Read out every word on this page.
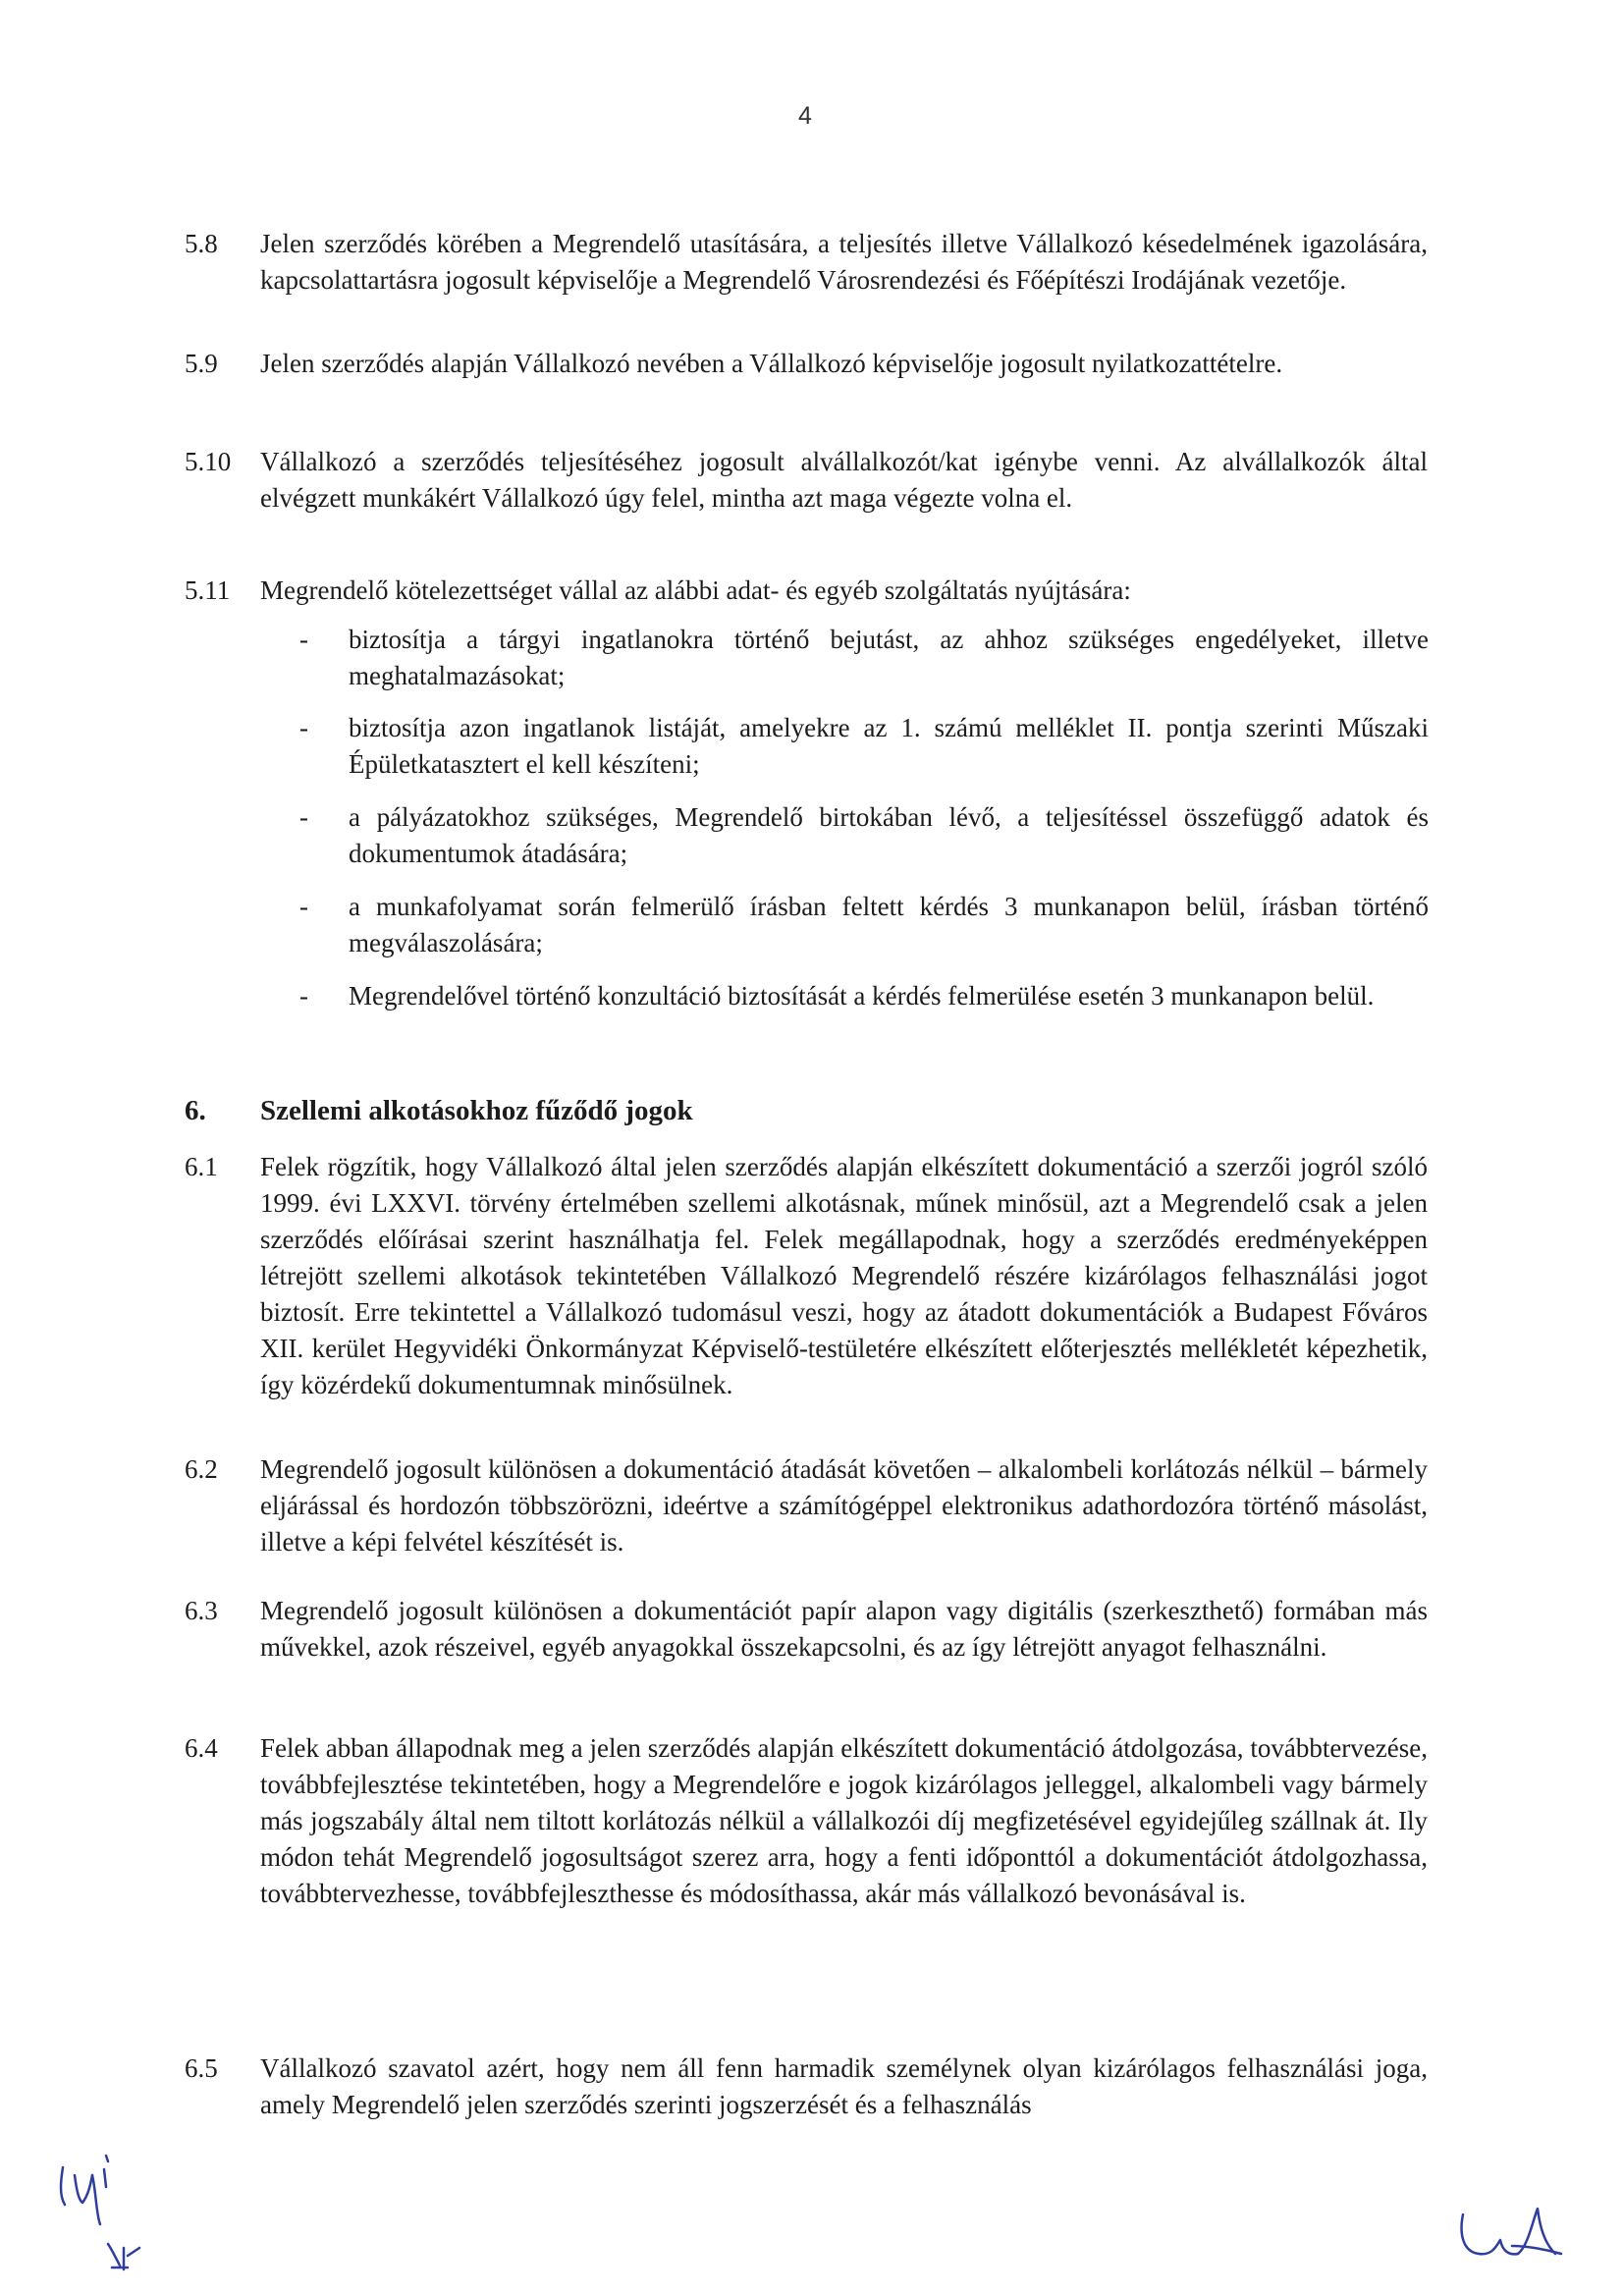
4
5.8 Jelen szerződés körében a Megrendelő utasítására, a teljesítés illetve Vállalkozó késedelmének igazolására, kapcsolattartásra jogosult képviselője a Megrendelő Városrendezési és Főépítészi Irodájának vezetője.
5.9 Jelen szerződés alapján Vállalkozó nevében a Vállalkozó képviselője jogosult nyilatkozattételre.
5.10 Vállalkozó a szerződés teljesítéséhez jogosult alvállalkozót/kat igénybe venni. Az alvállalkozók által elvégzett munkákért Vállalkozó úgy felel, mintha azt maga végezte volna el.
5.11 Megrendelő kötelezettséget vállal az alábbi adat- és egyéb szolgáltatás nyújtására:
- biztosítja a tárgyi ingatlanokra történő bejutást, az ahhoz szükséges engedélyeket, illetve meghatalmazásokat;
- biztosítja azon ingatlanok listáját, amelyekre az 1. számú melléklet II. pontja szerinti Műszaki Épületkatasztert el kell készíteni;
- a pályázatokhoz szükséges, Megrendelő birtokában lévő, a teljesítéssel összefüggő adatok és dokumentumok átadására;
- a munkafolyamat során felmerülő írásban feltett kérdés 3 munkanapon belül, írásban történő megválaszolására;
- Megrendelővel történő konzultáció biztosítását a kérdés felmerülése esetén 3 munkanapon belül.
6. Szellemi alkotásokhoz fűződő jogok
6.1 Felek rögzítik, hogy Vállalkozó által jelen szerződés alapján elkészített dokumentáció a szerzői jogról szóló 1999. évi LXXVI. törvény értelmében szellemi alkotásnak, műnek minősül, azt a Megrendelő csak a jelen szerződés előírásai szerint használhatja fel. Felek megállapodnak, hogy a szerződés eredményeképpen létrejött szellemi alkotások tekintetében Vállalkozó Megrendelő részére kizárólagos felhasználási jogot biztosít. Erre tekintettel a Vállalkozó tudomásul veszi, hogy az átadott dokumentációk a Budapest Főváros XII. kerület Hegyvidéki Önkormányzat Képviselő-testületére elkészített előterjesztés mellékletét képezhetik, így közérdekű dokumentumnak minősülnek.
6.2 Megrendelő jogosult különösen a dokumentáció átadását követően – alkalombeli korlátozás nélkül – bármely eljárással és hordozón többszörözni, ideértve a számítógéppel elektronikus adathordozóra történő másolást, illetve a képi felvétel készítését is.
6.3 Megrendelő jogosult különösen a dokumentációt papír alapon vagy digitális (szerkeszthető) formában más művekkel, azok részeivel, egyéb anyagokkal összekapcsolni, és az így létrejött anyagot felhasználni.
6.4 Felek abban állapodnak meg a jelen szerződés alapján elkészített dokumentáció átdolgozása, továbbtervezése, továbbfejlesztése tekintetében, hogy a Megrendelőre e jogok kizárólagos jelleggel, alkalombeli vagy bármely más jogszabály által nem tiltott korlátozás nélkül a vállalkozói díj megfizetésével egyidejűleg szállnak át. Ily módon tehát Megrendelő jogosultságot szerez arra, hogy a fenti időponttól a dokumentációt átdolgozhassa, továbbtervezhesse, továbbfejleszthesse és módosíthassa, akár más vállalkozó bevonásával is.
6.5 Vállalkozó szavatol azért, hogy nem áll fenn harmadik személynek olyan kizárólagos felhasználási joga, amely Megrendelő jelen szerződés szerinti jogszerzését és a felhasználás
